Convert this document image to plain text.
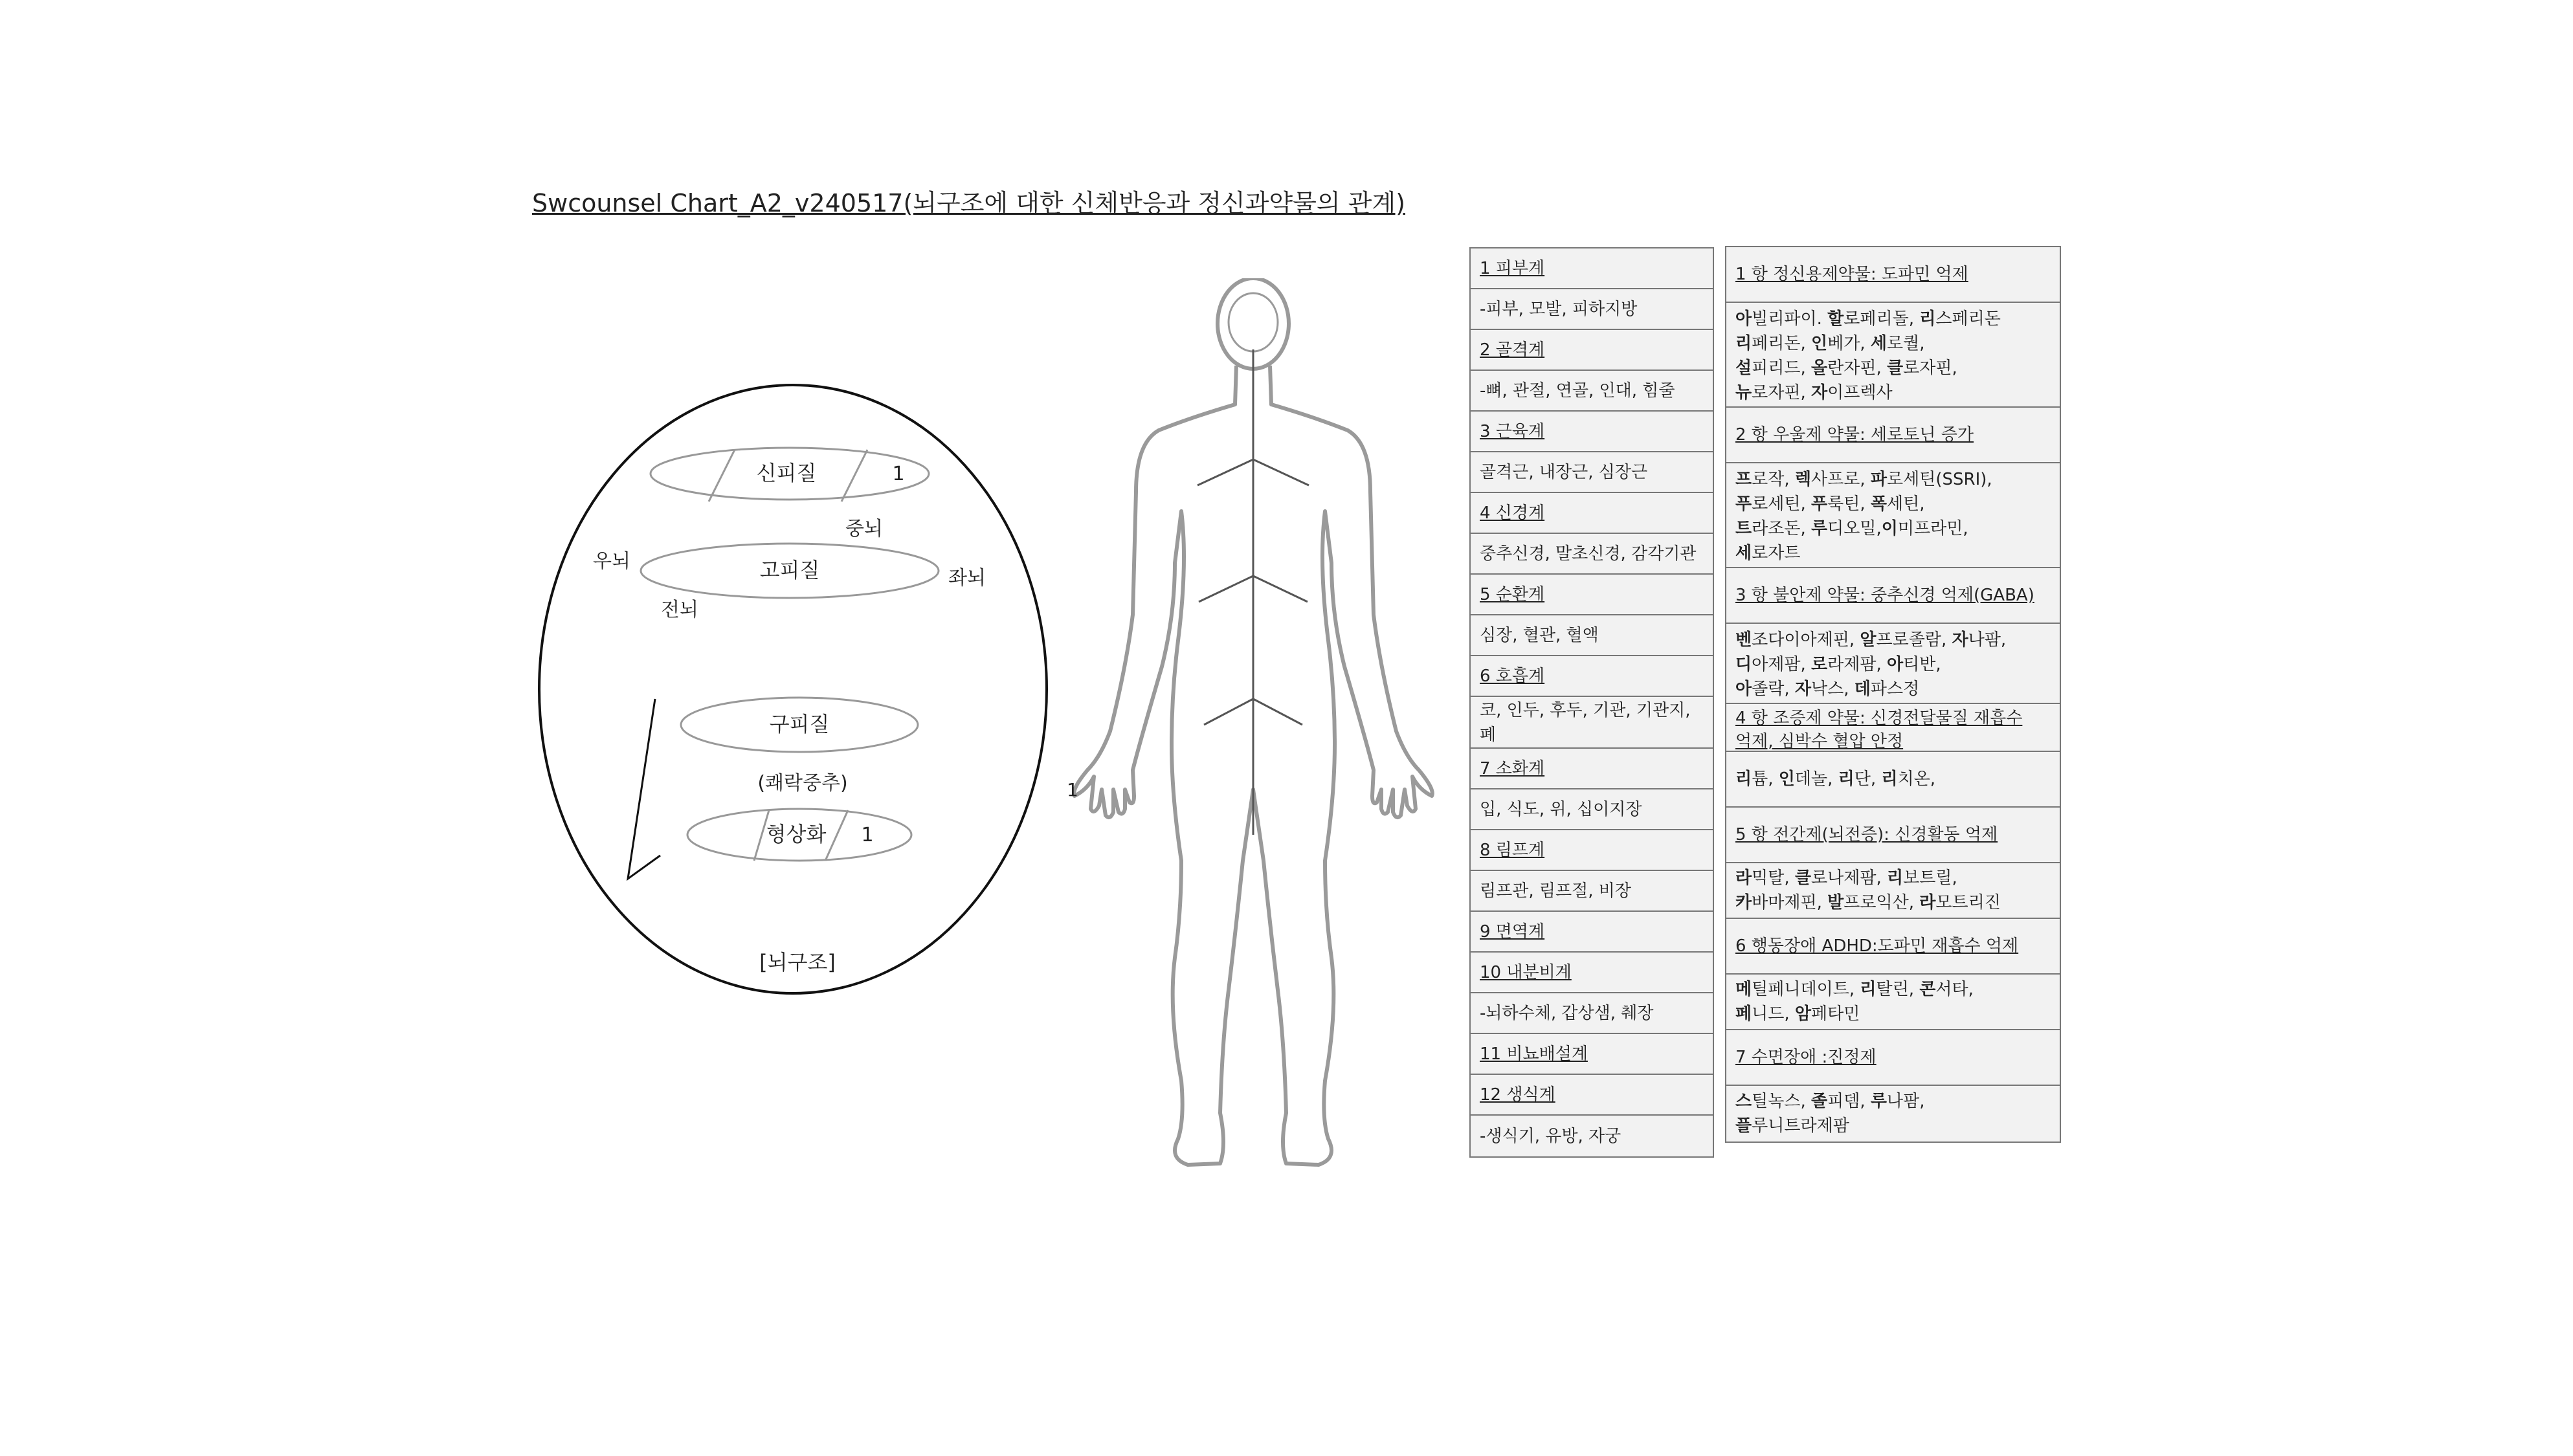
Swcounsel Chart_A2_v240517(뇌구조에 대한 신체반응과 정신과약물의 관계)
신피질	1
중뇌
우뇌	고피질	좌뇌
전뇌
구피질
(쾌락중추)
형상화 1
[뇌구조]
1
1 피부계
-피부, 모발, 피하지방
2 골격계
-뼈, 관절, 연골, 인대, 힘줄
3 근육계
골격근, 내장근, 심장근
4 신경계
중추신경, 말초신경, 감각기관
5 순환계
심장, 혈관, 혈액
6 호흡계
코, 인두, 후두, 기관, 기관지, 폐
7 소화계
입, 식도, 위, 십이지장
8 림프계
림프관, 림프절, 비장
9 면역계
10 내분비계
-뇌하수체, 갑상샘, 췌장
11 비뇨배설계
12 생식계
-생식기, 유방, 자궁
1 항 정신용제약물: 도파민 억제
아빌리파이. 할로페리돌, 리스페리돈
리페리돈, 인베가, 세로퀄,
설피리드, 올란자핀, 클로자핀,
뉴로자핀, 자이프렉사
2 항 우울제 약물: 세로토닌 증가
프로작, 렉사프로, 파로세틴(SSRI),
푸로세틴, 푸룩틴, 폭세틴,
트라조돈, 루디오밀,이미프라민,
세로자트
3 항 불안제 약물: 중추신경 억제(GABA)
벤조다이아제핀, 알프로졸람, 자나팜,
디아제팜, 로라제팜, 아티반,
아졸락, 자낙스, 데파스정
4 항 조증제 약물: 신경전달물질 재흡수
억제, 심박수 혈압 안정
리튬, 인데놀, 리단, 리치온,
5 항 전간제(뇌전증): 신경활동 억제
라믹탈, 클로나제팜, 리보트릴,
카바마제핀, 발프로익산, 라모트리진
6 행동장애 ADHD:도파민 재흡수 억제
메틸페니데이트, 리탈린, 콘서타,
페니드, 암페타민
7 수면장애 :진정제
스틸녹스, 졸피뎀, 루나팜,
플루니트라제팜
